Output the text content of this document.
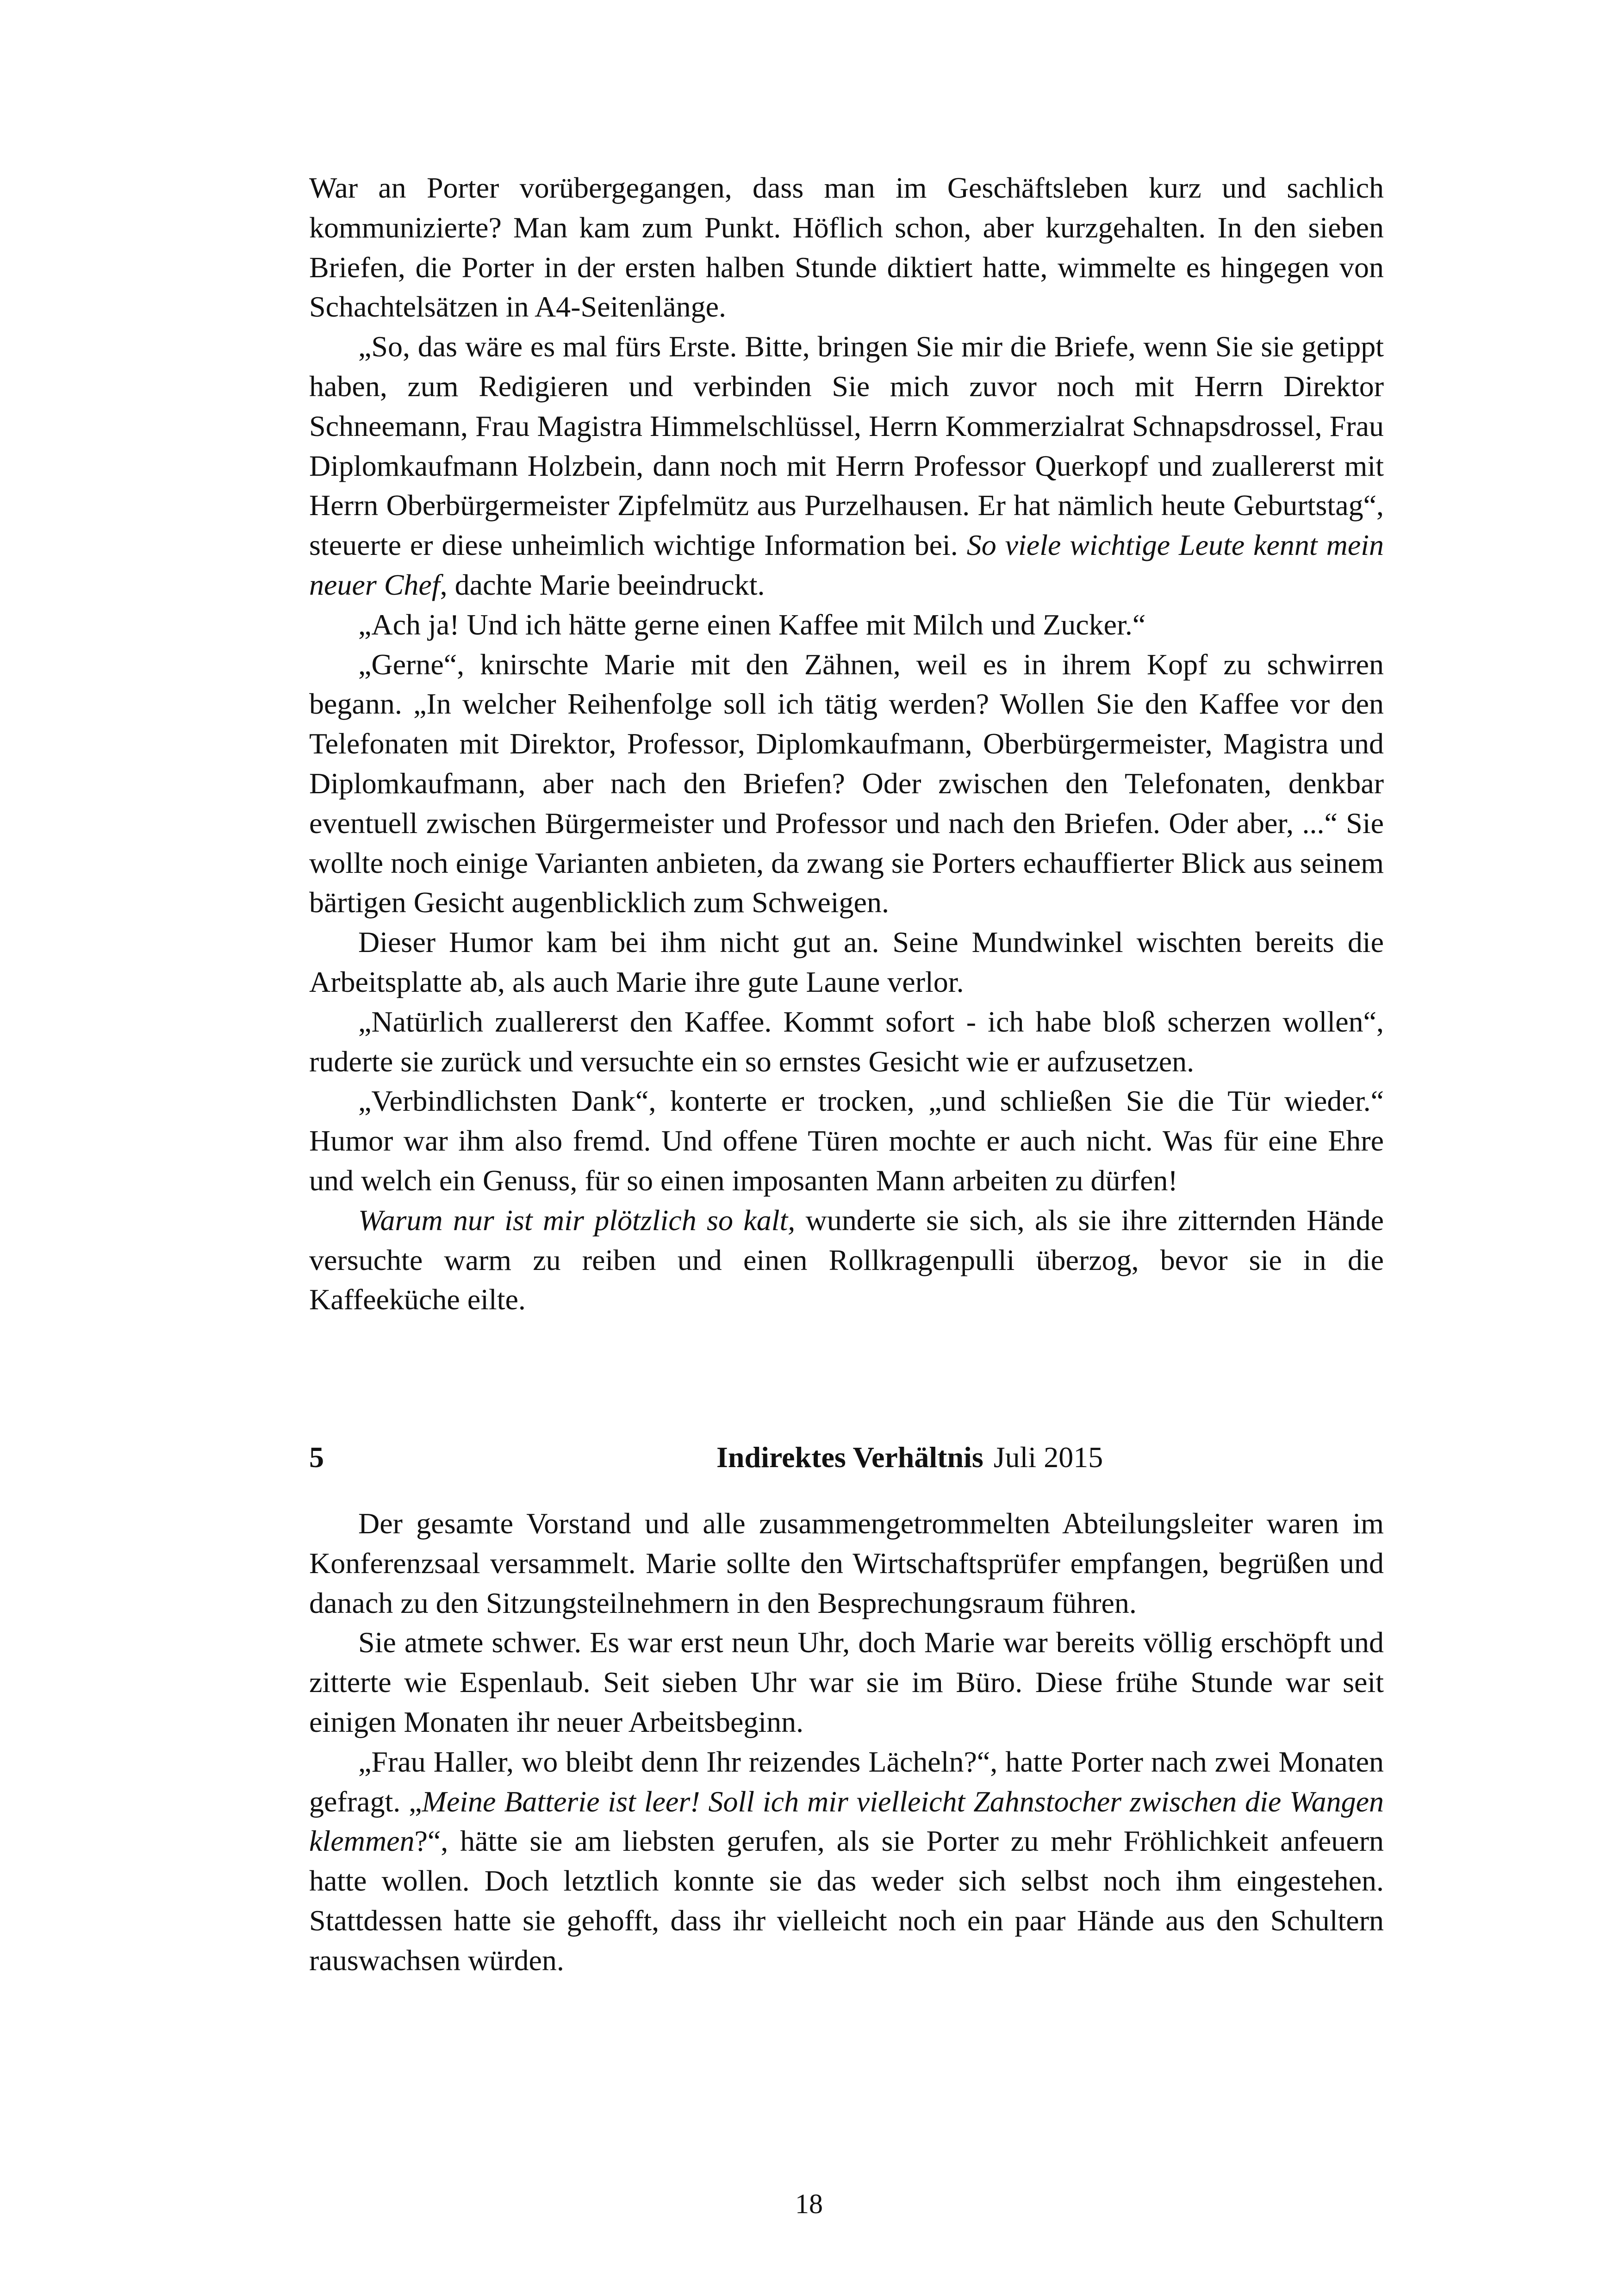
War an Porter vorübergegangen, dass man im Geschäftsleben kurz und sachlich kommunizierte? Man kam zum Punkt. Höflich schon, aber kurzgehalten. In den sieben Briefen, die Porter in der ersten halben Stunde diktiert hatte, wimmelte es hingegen von Schachtelsätzen in A4-Seitenlänge.

„So, das wäre es mal fürs Erste. Bitte, bringen Sie mir die Briefe, wenn Sie sie getippt haben, zum Redigieren und verbinden Sie mich zuvor noch mit Herrn Direktor Schneemann, Frau Magistra Himmelschlüssel, Herrn Kommerzialrat Schnapsdrossel, Frau Diplomkaufmann Holzbein, dann noch mit Herrn Professor Querkopf und zuallererst mit Herrn Oberbürgermeister Zipfelmütz aus Purzelhausen. Er hat nämlich heute Geburtstag“, steuerte er diese unheimlich wichtige Information bei. So viele wichtige Leute kennt mein neuer Chef, dachte Marie beeindruckt.

„Ach ja! Und ich hätte gerne einen Kaffee mit Milch und Zucker.“

„Gerne“, knirschte Marie mit den Zähnen, weil es in ihrem Kopf zu schwirren begann. „In welcher Reihenfolge soll ich tätig werden? Wollen Sie den Kaffee vor den Telefonaten mit Direktor, Professor, Diplomkaufmann, Oberbürgermeister, Magistra und Diplomkaufmann, aber nach den Briefen? Oder zwischen den Telefonaten, denkbar eventuell zwischen Bürgermeister und Professor und nach den Briefen. Oder aber, ...“ Sie wollte noch einige Varianten anbieten, da zwang sie Porters echauffierter Blick aus seinem bärtigen Gesicht augenblicklich zum Schweigen.

Dieser Humor kam bei ihm nicht gut an. Seine Mundwinkel wischten bereits die Arbeitsplatte ab, als auch Marie ihre gute Laune verlor.

„Natürlich zuallererst den Kaffee. Kommt sofort - ich habe bloß scherzen wollen“, ruderte sie zurück und versuchte ein so ernstes Gesicht wie er aufzusetzen.

„Verbindlichsten Dank“, konterte er trocken, „und schließen Sie die Tür wieder.“ Humor war ihm also fremd. Und offene Türen mochte er auch nicht. Was für eine Ehre und welch ein Genuss, für so einen imposanten Mann arbeiten zu dürfen!

Warum nur ist mir plötzlich so kalt, wunderte sie sich, als sie ihre zitternden Hände versuchte warm zu reiben und einen Rollkragenpulli überzog, bevor sie in die Kaffeeküche eilte.

5	Indirektes Verhältnis Juli 2015

Der gesamte Vorstand und alle zusammengetrommelten Abteilungsleiter waren im Konferenzsaal versammelt. Marie sollte den Wirtschaftsprüfer empfangen, begrüßen und danach zu den Sitzungsteilnehmern in den Besprechungsraum führen.

Sie atmete schwer. Es war erst neun Uhr, doch Marie war bereits völlig erschöpft und zitterte wie Espenlaub. Seit sieben Uhr war sie im Büro. Diese frühe Stunde war seit einigen Monaten ihr neuer Arbeitsbeginn.

„Frau Haller, wo bleibt denn Ihr reizendes Lächeln?“, hatte Porter nach zwei Monaten gefragt. „Meine Batterie ist leer! Soll ich mir vielleicht Zahnstocher zwischen die Wangen klemmen?“, hätte sie am liebsten gerufen, als sie Porter zu mehr Fröhlichkeit anfeuern hatte wollen. Doch letztlich konnte sie das weder sich selbst noch ihm eingestehen. Stattdessen hatte sie gehofft, dass ihr vielleicht noch ein paar Hände aus den Schultern rauswachsen würden.

18
